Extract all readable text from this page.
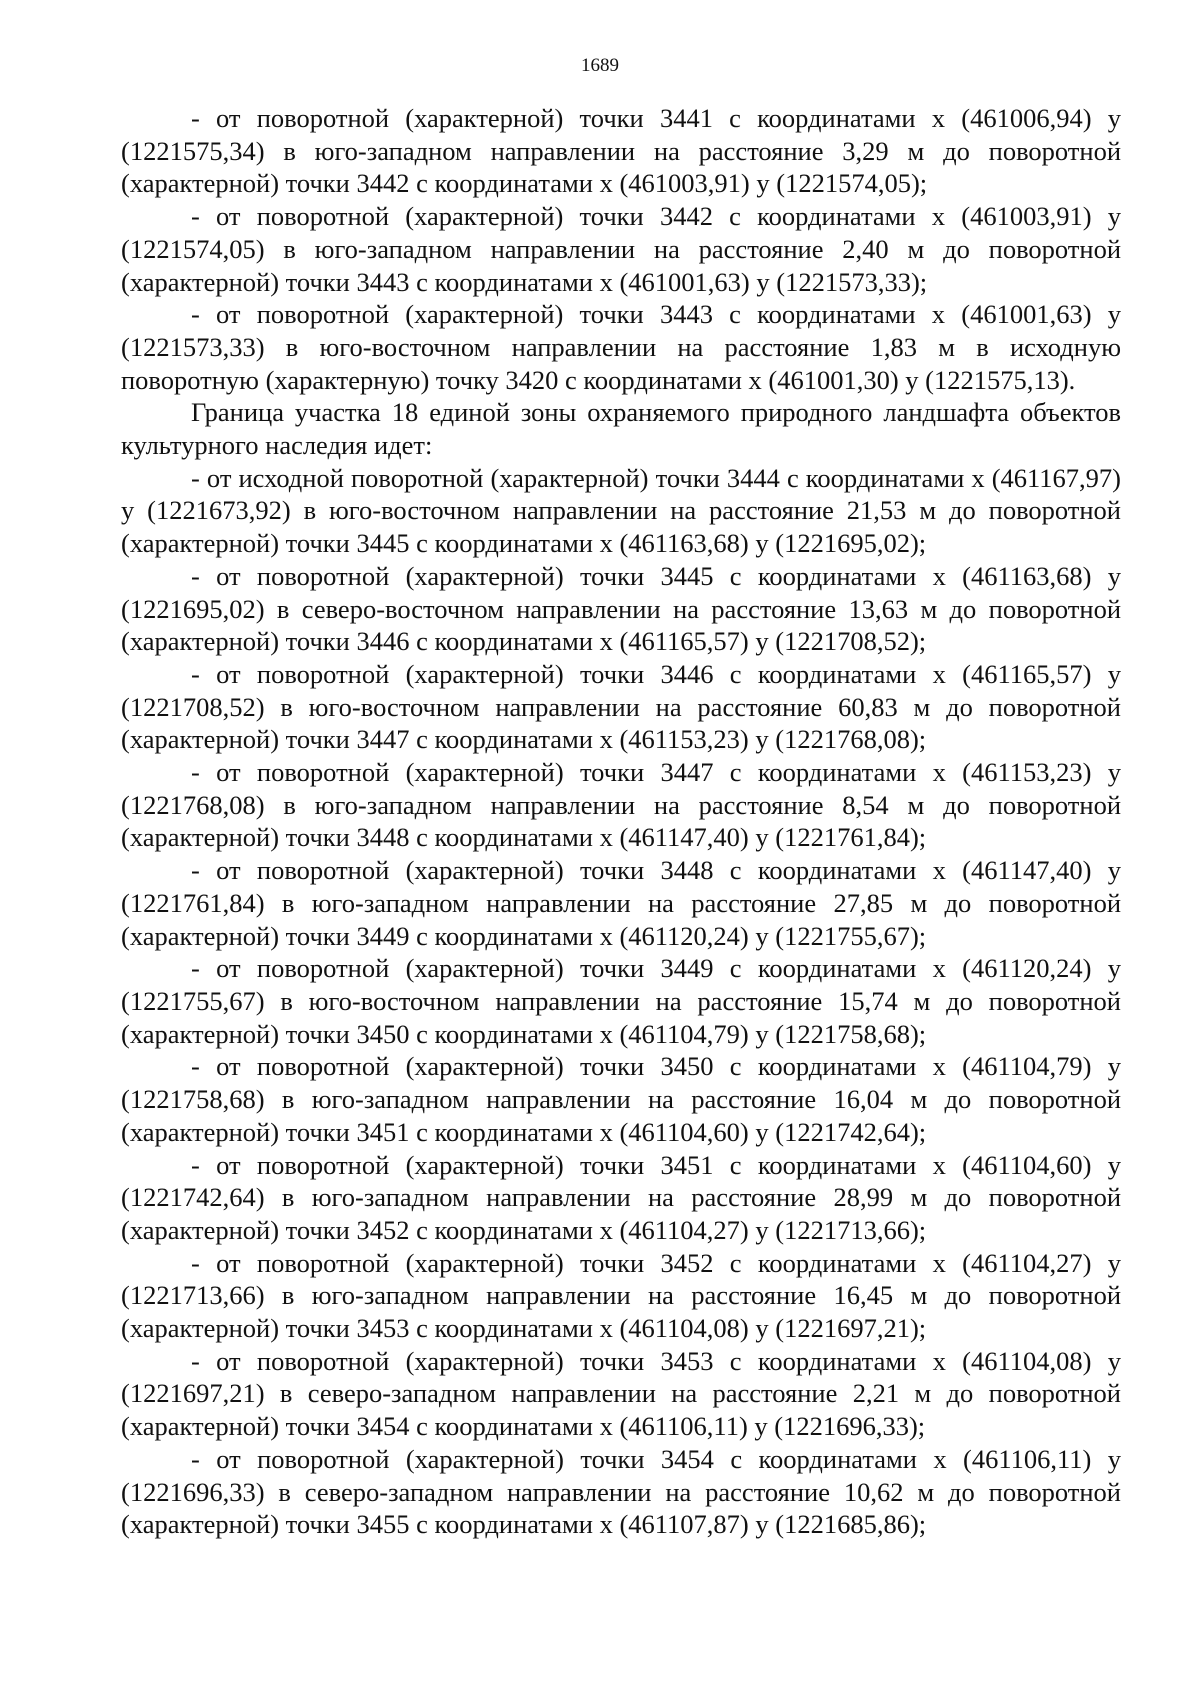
1689

- от поворотной (характерной) точки 3441 с координатами х (461006,94) у (1221575,34) в юго-западном направлении на расстояние 3,29 м до поворотной (характерной) точки 3442 с координатами х (461003,91) у (1221574,05);

- от поворотной (характерной) точки 3442 с координатами х (461003,91) у (1221574,05) в юго-западном направлении на расстояние 2,40 м до поворотной (характерной) точки 3443 с координатами х (461001,63) у (1221573,33);

- от поворотной (характерной) точки 3443 с координатами х (461001,63) у (1221573,33) в юго-восточном направлении на расстояние 1,83 м в исходную поворотную (характерную) точку 3420 с координатами х (461001,30) у (1221575,13).

Граница участка 18 единой зоны охраняемого природного ландшафта объектов культурного наследия идет:

- от исходной поворотной (характерной) точки 3444 с координатами х (461167,97) у (1221673,92) в юго-восточном направлении на расстояние 21,53 м до поворотной (характерной) точки 3445 с координатами х (461163,68) у (1221695,02);

- от поворотной (характерной) точки 3445 с координатами х (461163,68) у (1221695,02) в северо-восточном направлении на расстояние 13,63 м до поворотной (характерной) точки 3446 с координатами х (461165,57) у (1221708,52);

- от поворотной (характерной) точки 3446 с координатами х (461165,57) у (1221708,52) в юго-восточном направлении на расстояние 60,83 м до поворотной (характерной) точки 3447 с координатами х (461153,23) у (1221768,08);

- от поворотной (характерной) точки 3447 с координатами х (461153,23) у (1221768,08) в юго-западном направлении на расстояние 8,54 м до поворотной (характерной) точки 3448 с координатами х (461147,40) у (1221761,84);

- от поворотной (характерной) точки 3448 с координатами х (461147,40) у (1221761,84) в юго-западном направлении на расстояние 27,85 м до поворотной (характерной) точки 3449 с координатами х (461120,24) у (1221755,67);

- от поворотной (характерной) точки 3449 с координатами х (461120,24) у (1221755,67) в юго-восточном направлении на расстояние 15,74 м до поворотной (характерной) точки 3450 с координатами х (461104,79) у (1221758,68);

- от поворотной (характерной) точки 3450 с координатами х (461104,79) у (1221758,68) в юго-западном направлении на расстояние 16,04 м до поворотной (характерной) точки 3451 с координатами х (461104,60) у (1221742,64);

- от поворотной (характерной) точки 3451 с координатами х (461104,60) у (1221742,64) в юго-западном направлении на расстояние 28,99 м до поворотной (характерной) точки 3452 с координатами х (461104,27) у (1221713,66);

- от поворотной (характерной) точки 3452 с координатами х (461104,27) у (1221713,66) в юго-западном направлении на расстояние 16,45 м до поворотной (характерной) точки 3453 с координатами х (461104,08) у (1221697,21);

- от поворотной (характерной) точки 3453 с координатами х (461104,08) у (1221697,21) в северо-западном направлении на расстояние 2,21 м до поворотной (характерной) точки 3454 с координатами х (461106,11) у (1221696,33);

- от поворотной (характерной) точки 3454 с координатами х (461106,11) у (1221696,33) в северо-западном направлении на расстояние 10,62 м до поворотной (характерной) точки 3455 с координатами х (461107,87) у (1221685,86);
